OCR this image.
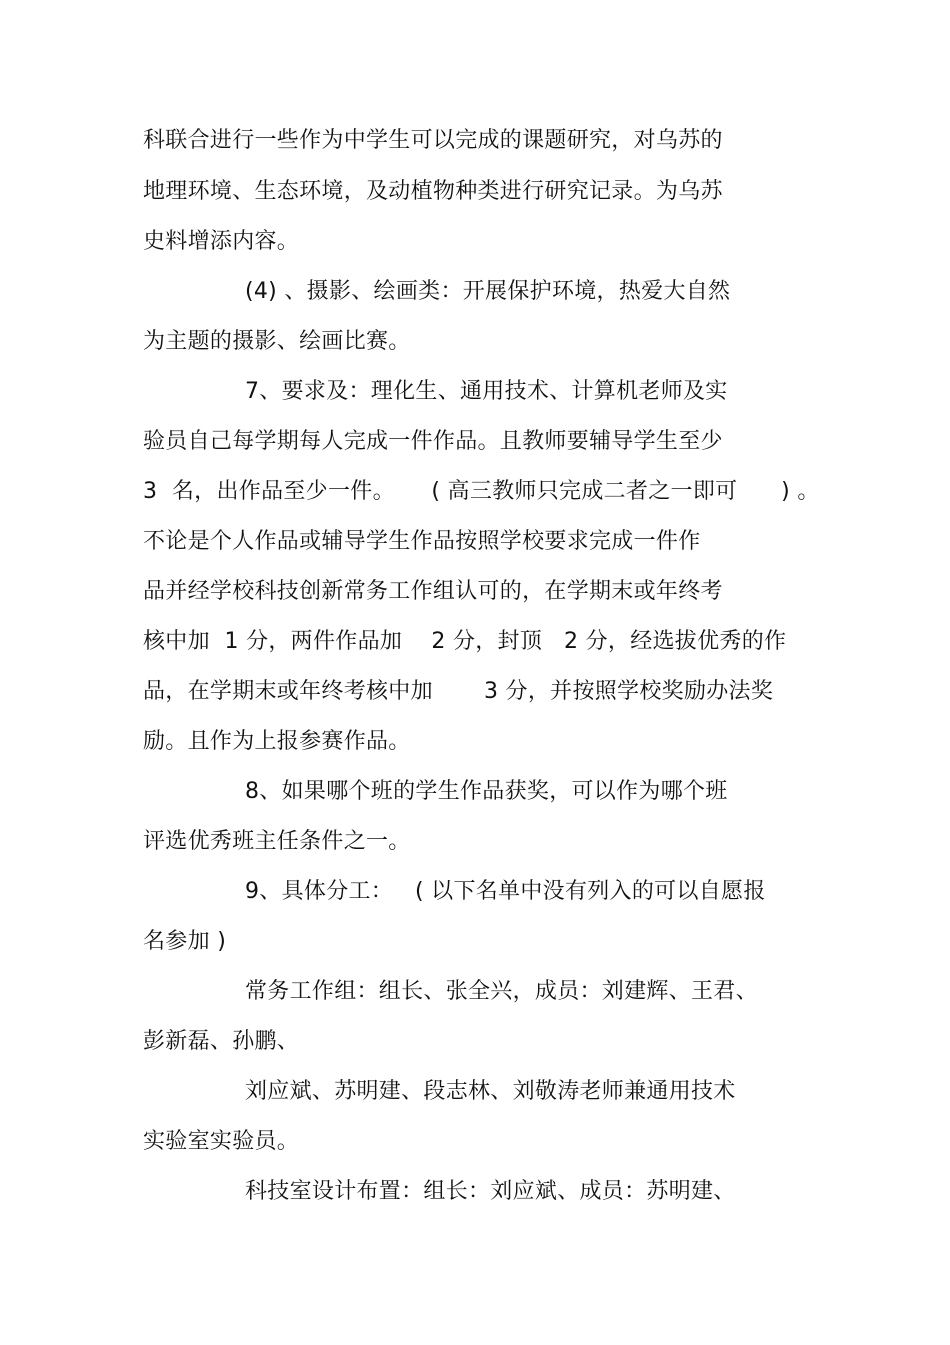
科联合进行一些作为中学生可以完成的课题研究，对乌苏的
地理环境、生态环境，及动植物种类进行研究记录。为乌苏
史料增添内容。
(4) 、摄影、绘画类：开展保护环境，热爱大自然
为主题的摄影、绘画比赛。
7、要求及：理化生、通用技术、计算机老师及实
验员自己每学期每人完成一件作品。且教师要辅导学生至少
3  名，出作品至少一件。     ( 高三教师只完成二者之一即可      ) 。
不论是个人作品或辅导学生作品按照学校要求完成一件作
品并经学校科技创新常务工作组认可的，在学期末或年终考
核中加  1 分，两件作品加    2 分，封顶   2 分，经选拔优秀的作
品，在学期末或年终考核中加       3 分，并按照学校奖励办法奖
励。且作为上报参赛作品。
8、如果哪个班的学生作品获奖，可以作为哪个班
评选优秀班主任条件之一。
9、具体分工：   ( 以下名单中没有列入的可以自愿报
名参加 )
常务工作组：组长、张全兴，成员：刘建辉、王君、
彭新磊、孙鹏、
刘应斌、苏明建、段志林、刘敬涛老师兼通用技术
实验室实验员。
科技室设计布置：组长：刘应斌、成员：苏明建、
